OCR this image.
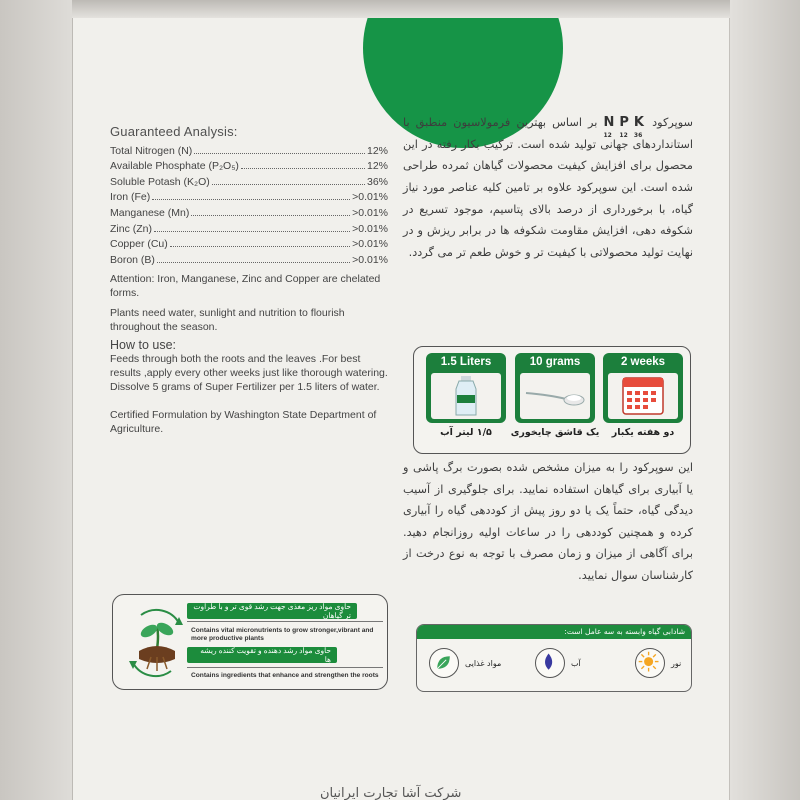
Guaranteed Analysis:
Total Nitrogen (N)	12%
Available Phosphate (P₂O₅)	12%
Soluble Potash (K₂O)	36%
Iron (Fe)	>0.01%
Manganese (Mn)	>0.01%
Zinc (Zn)	>0.01%
Copper (Cu)	>0.01%
Boron (B)	>0.01%
Attention: Iron, Manganese, Zinc and Copper are chelated forms.
Plants need water, sunlight and nutrition to flourish throughout the season.
How to use:
Feeds through both the roots and the leaves .For best results ,apply every other weeks just like thorough watering.
Dissolve 5 grams of Super Fertilizer per 1.5 liters of water.
Certified Formulation by Washington State Department of Agriculture.
حاوی مواد ریز مغذی جهت رشد قوی تر و با طراوت تر گیاهان
Contains vital micronutrients to grow stronger,vibrant and more productive plants
حاوی مواد رشد دهنده و تقویت کننده ریشه ها
Contains ingredients that enhance and strengthen the roots
سوپرکود
N
12
P
12
K
36
بر اساس بهترین فرمولاسیون منطبق با استانداردهای جهانی تولید شده است. ترکیب بکار رفته در این محصول برای افزایش کیفیت محصولات گیاهان ثمرده طراحی شده است. این سوپرکود علاوه بر تامین کلیه عناصر مورد نیاز گیاه، با برخورداری از درصد بالای پتاسیم، موجود تسریع در شکوفه دهی، افزایش مقاومت شکوفه ها در برابر ریزش و در نهایت تولید محصولاتی با کیفیت تر و خوش طعم تر می گردد.
1.5 Liters	10 grams	2 weeks
۱/۵ لیتر آب	یک قاشق چایخوری	دو هفته یکبار
این سوپرکود را به میزان مشخص شده بصورت برگ پاشی و یا آبیاری برای گیاهان استفاده نمایید. برای جلوگیری از آسیب دیدگی گیاه، حتماً یک یا دو روز پیش از کوددهی گیاه را آبیاری کرده و همچنین کوددهی را در ساعات اولیه روزانجام دهید. برای آگاهی از میزان و زمان مصرف با توجه به نوع درخت از کارشناسان سوال نمایید.
شادابی گیاه وابسته به سه عامل است:
مواد غذایی	آب	نور
شرکت آشا تجارت ایرانیان
